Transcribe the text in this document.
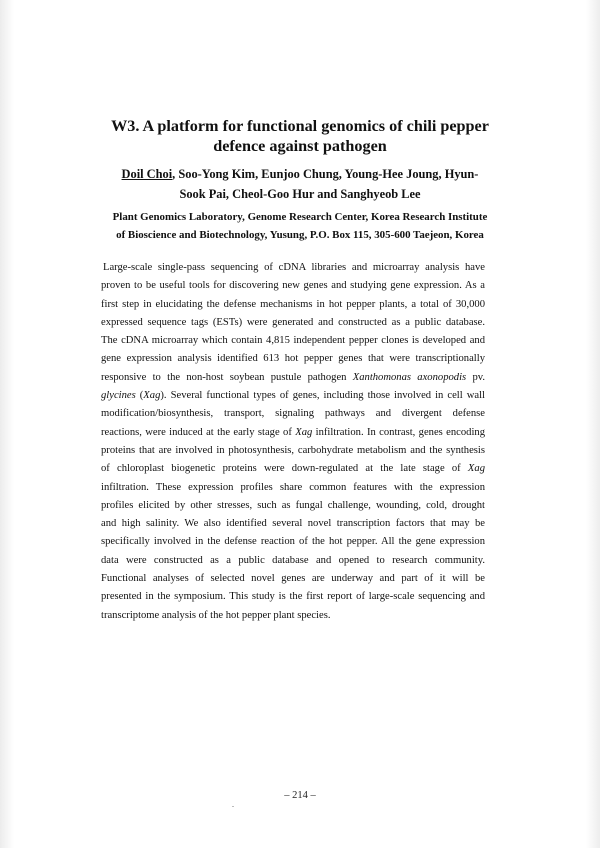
W3. A platform for functional genomics of chili pepper
defence against pathogen
Doil Choi, Soo-Yong Kim, Eunjoo Chung, Young-Hee Joung, Hyun-
Sook Pai, Cheol-Goo Hur and Sanghyeob Lee
Plant Genomics Laboratory, Genome Research Center, Korea Research Institute
of Bioscience and Biotechnology, Yusung, P.O. Box 115, 305-600 Taejeon, Korea
Large-scale single-pass sequencing of cDNA libraries and microarray analysis have
proven to be useful tools for discovering new genes and studying gene expression. As a
first step in elucidating the defense mechanisms in hot pepper plants, a total of 30,000
expressed sequence tags (ESTs) were generated and constructed as a public database.
The cDNA microarray which contain 4,815 independent pepper clones is developed and
gene expression analysis identified 613 hot pepper genes that were transcriptionally
responsive to the non-host soybean pustule pathogen Xanthomonas axonopodis pv.
glycines (Xag). Several functional types of genes, including those involved in cell wall
modification/biosynthesis, transport, signaling pathways and divergent defense
reactions, were induced at the early stage of Xag infiltration. In contrast, genes encoding
proteins that are involved in photosynthesis, carbohydrate metabolism and the synthesis
of chloroplast biogenetic proteins were down-regulated at the late stage of Xag
infiltration. These expression profiles share common features with the expression
profiles elicited by other stresses, such as fungal challenge, wounding, cold, drought
and high salinity. We also identified several novel transcription factors that may be
specifically involved in the defense reaction of the hot pepper. All the gene expression
data were constructed as a public database and opened to research community.
Functional analyses of selected novel genes are underway and part of it will be
presented in the symposium. This study is the first report of large-scale sequencing and
transcriptome analysis of the hot pepper plant species.
– 214 –
